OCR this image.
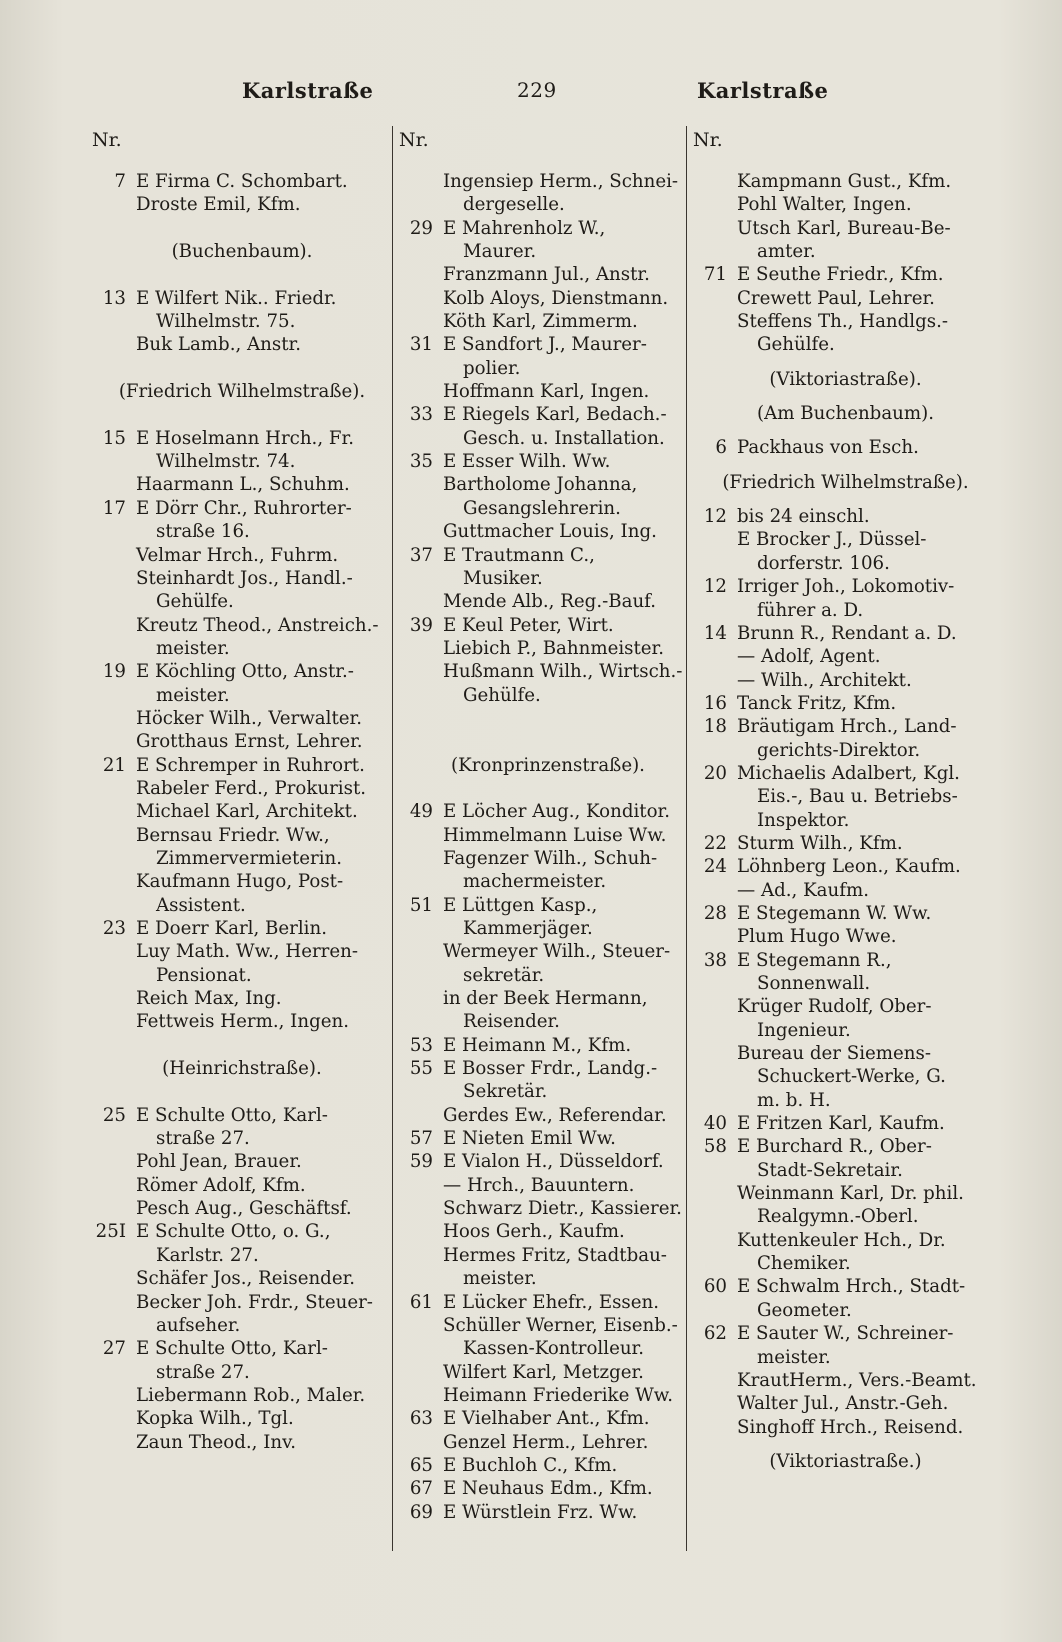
Karlstraße	229	Karlstraße
Nr.
7 E Firma C. Schombart.
Droste Emil, Kfm.
(Buchenbaum).
13 E Wilfert Nik.. Friedr.
Wilhelmstr. 75.
Buk Lamb., Anstr.
(Friedrich Wilhelmstraße).
15 E Hoselmann Hrch., Fr.
Wilhelmstr. 74.
Haarmann L., Schuhm.
17 E Dörr Chr., Ruhrorter-
straße 16.
Velmar Hrch., Fuhrm.
Steinhardt Jos., Handl.-
Gehülfe.
Kreutz Theod., Anstreich.-
meister.
19 E Köchling Otto, Anstr.-
meister.
Höcker Wilh., Verwalter.
Grotthaus Ernst, Lehrer.
21 E Schremper in Ruhrort.
Rabeler Ferd., Prokurist.
Michael Karl, Architekt.
Bernsau Friedr. Ww.,
Zimmervermieterin.
Kaufmann Hugo, Post-
Assistent.
23 E Doerr Karl, Berlin.
Luy Math. Ww., Herren-
Pensionat.
Reich Max, Ing.
Fettweis Herm., Ingen.
(Heinrichstraße).
25 E Schulte Otto, Karl-
straße 27.
Pohl Jean, Brauer.
Römer Adolf, Kfm.
Pesch Aug., Geschäftsf.
25I E Schulte Otto, o. G.,
Karlstr. 27.
Schäfer Jos., Reisender.
Becker Joh. Frdr., Steuer-
aufseher.
27 E Schulte Otto, Karl-
straße 27.
Liebermann Rob., Maler.
Kopka Wilh., Tgl.
Zaun Theod., Inv.
Nr.
Ingensiep Herm., Schnei-
dergeselle.
29 E Mahrenholz W.,
Maurer.
Franzmann Jul., Anstr.
Kolb Aloys, Dienstmann.
Köth Karl, Zimmerm.
31 E Sandfort J., Maurer-
polier.
Hoffmann Karl, Ingen.
33 E Riegels Karl, Bedach.-
Gesch. u. Installation.
35 E Esser Wilh. Ww.
Bartholome Johanna,
Gesangslehrerin.
Guttmacher Louis, Ing.
37 E Trautmann C.,
Musiker.
Mende Alb., Reg.-Bauf.
39 E Keul Peter, Wirt.
Liebich P., Bahnmeister.
Hußmann Wilh., Wirtsch.-
Gehülfe.
(Kronprinzenstraße).
49 E Löcher Aug., Konditor.
Himmelmann Luise Ww.
Fagenzer Wilh., Schuh-
machermeister.
51 E Lüttgen Kasp.,
Kammerjäger.
Wermeyer Wilh., Steuer-
sekretär.
in der Beek Hermann,
Reisender.
53 E Heimann M., Kfm.
55 E Bosser Frdr., Landg.-
Sekretär.
Gerdes Ew., Referendar.
57 E Nieten Emil Ww.
59 E Vialon H., Düsseldorf.
— Hrch., Bauuntern.
Schwarz Dietr., Kassierer.
Hoos Gerh., Kaufm.
Hermes Fritz, Stadtbau-
meister.
61 E Lücker Ehefr., Essen.
Schüller Werner, Eisenb.-
Kassen-Kontrolleur.
Wilfert Karl, Metzger.
Heimann Friederike Ww.
63 E Vielhaber Ant., Kfm.
Genzel Herm., Lehrer.
65 E Buchloh C., Kfm.
67 E Neuhaus Edm., Kfm.
69 E Würstlein Frz. Ww.
Nr.
Kampmann Gust., Kfm.
Pohl Walter, Ingen.
Utsch Karl, Bureau-Be-
amter.
71 E Seuthe Friedr., Kfm.
Crewett Paul, Lehrer.
Steffens Th., Handlgs.-
Gehülfe.
(Viktoriastraße).
(Am Buchenbaum).
6 Packhaus von Esch.
(Friedrich Wilhelmstraße).
12 bis 24 einschl.
E Brocker J., Düssel-
dorferstr. 106.
12 Irriger Joh., Lokomotiv-
führer a. D.
14 Brunn R., Rendant a. D.
— Adolf, Agent.
— Wilh., Architekt.
16 Tanck Fritz, Kfm.
18 Bräutigam Hrch., Land-
gerichts-Direktor.
20 Michaelis Adalbert, Kgl.
Eis.-, Bau u. Betriebs-
Inspektor.
22 Sturm Wilh., Kfm.
24 Löhnberg Leon., Kaufm.
— Ad., Kaufm.
28 E Stegemann W. Ww.
Plum Hugo Wwe.
38 E Stegemann R.,
Sonnenwall.
Krüger Rudolf, Ober-
Ingenieur.
Bureau der Siemens-
Schuckert-Werke, G.
m. b. H.
40 E Fritzen Karl, Kaufm.
58 E Burchard R., Ober-
Stadt-Sekretair.
Weinmann Karl, Dr. phil.
Realgymn.-Oberl.
Kuttenkeuler Hch., Dr.
Chemiker.
60 E Schwalm Hrch., Stadt-
Geometer.
62 E Sauter W., Schreiner-
meister.
KrautHerm., Vers.-Beamt.
Walter Jul., Anstr.-Geh.
Singhoff Hrch., Reisend.
(Viktoriastraße.)
